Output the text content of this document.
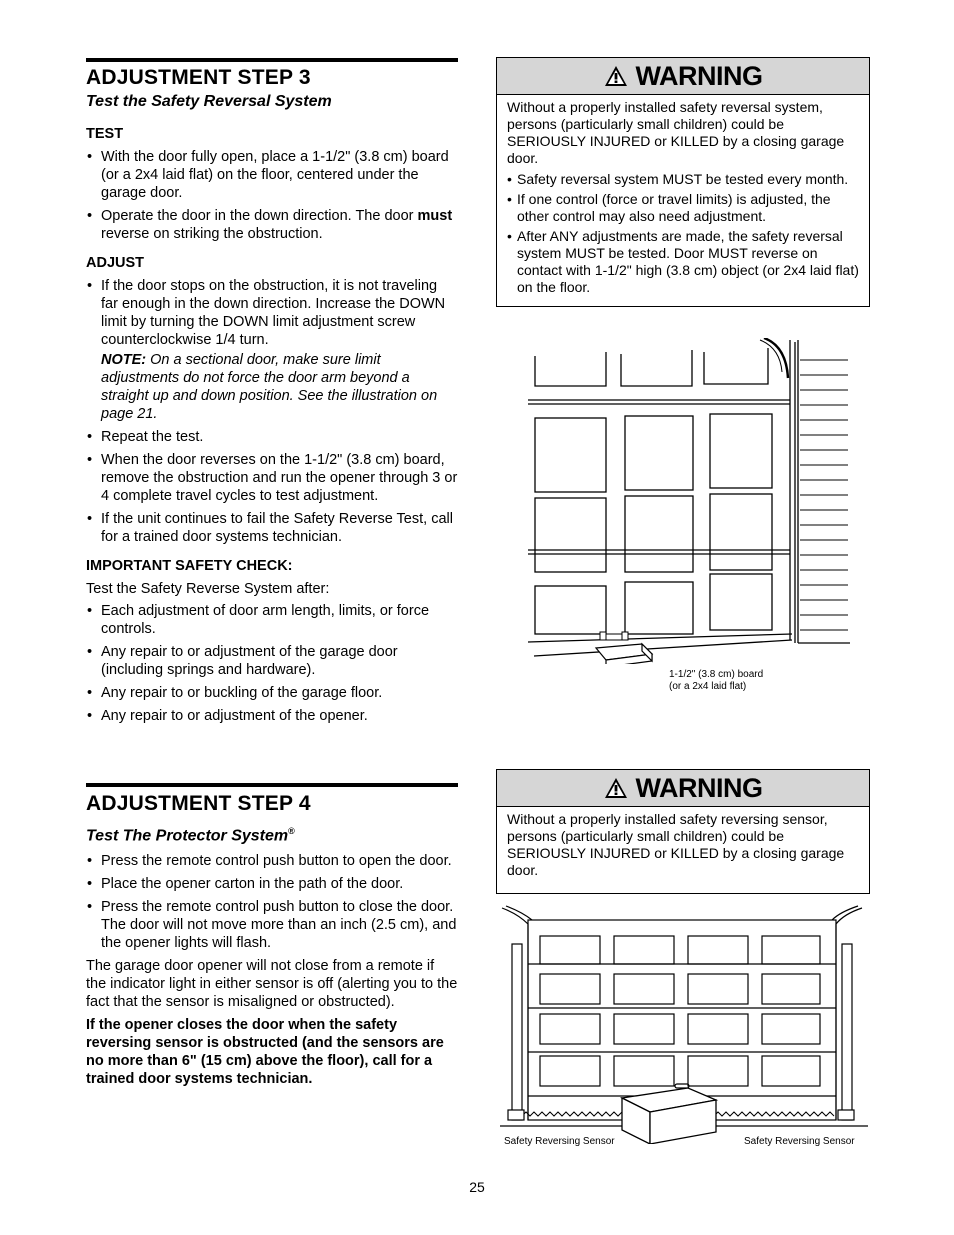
ADJUSTMENT STEP 3
Test the Safety Reversal System
TEST
• With the door fully open, place a 1-1/2" (3.8 cm) board (or a 2x4 laid flat) on the floor, centered under the garage door.
• Operate the door in the down direction. The door must reverse on striking the obstruction.
ADJUST
• If the door stops on the obstruction, it is not traveling far enough in the down direction. Increase the DOWN limit by turning the DOWN limit adjustment screw counterclockwise 1/4 turn.
NOTE: On a sectional door, make sure limit adjustments do not force the door arm beyond a straight up and down position. See the illustration on page 21.
• Repeat the test.
• When the door reverses on the 1-1/2" (3.8 cm) board, remove the obstruction and run the opener through 3 or 4 complete travel cycles to test adjustment.
• If the unit continues to fail the Safety Reverse Test, call for a trained door systems technician.
IMPORTANT SAFETY CHECK:
Test the Safety Reverse System after:
• Each adjustment of door arm length, limits, or force controls.
• Any repair to or adjustment of the garage door (including springs and hardware).
• Any repair to or buckling of the garage floor.
• Any repair to or adjustment of the opener.
ADJUSTMENT STEP 4
Test The Protector System®
• Press the remote control push button to open the door.
• Place the opener carton in the path of the door.
• Press the remote control push button to close the door. The door will not move more than an inch (2.5 cm), and the opener lights will flash.
The garage door opener will not close from a remote if the indicator light in either sensor is off (alerting you to the fact that the sensor is misaligned or obstructed).
If the opener closes the door when the safety reversing sensor is obstructed (and the sensors are no more than 6" (15 cm) above the floor), call for a trained door systems technician.
WARNING
Without a properly installed safety reversal system, persons (particularly small children) could be SERIOUSLY INJURED or KILLED by a closing garage door.
• Safety reversal system MUST be tested every month.
• If one control (force or travel limits) is adjusted, the other control may also need adjustment.
• After ANY adjustments are made, the safety reversal system MUST be tested. Door MUST reverse on contact with 1-1/2" high (3.8 cm) object (or 2x4 laid flat) on the floor.
1-1/2" (3.8 cm) board
(or a 2x4 laid flat)
WARNING
Without a properly installed safety reversing sensor, persons (particularly small children) could be SERIOUSLY INJURED or KILLED by a closing garage door.
Safety Reversing Sensor	Safety Reversing Sensor
25
